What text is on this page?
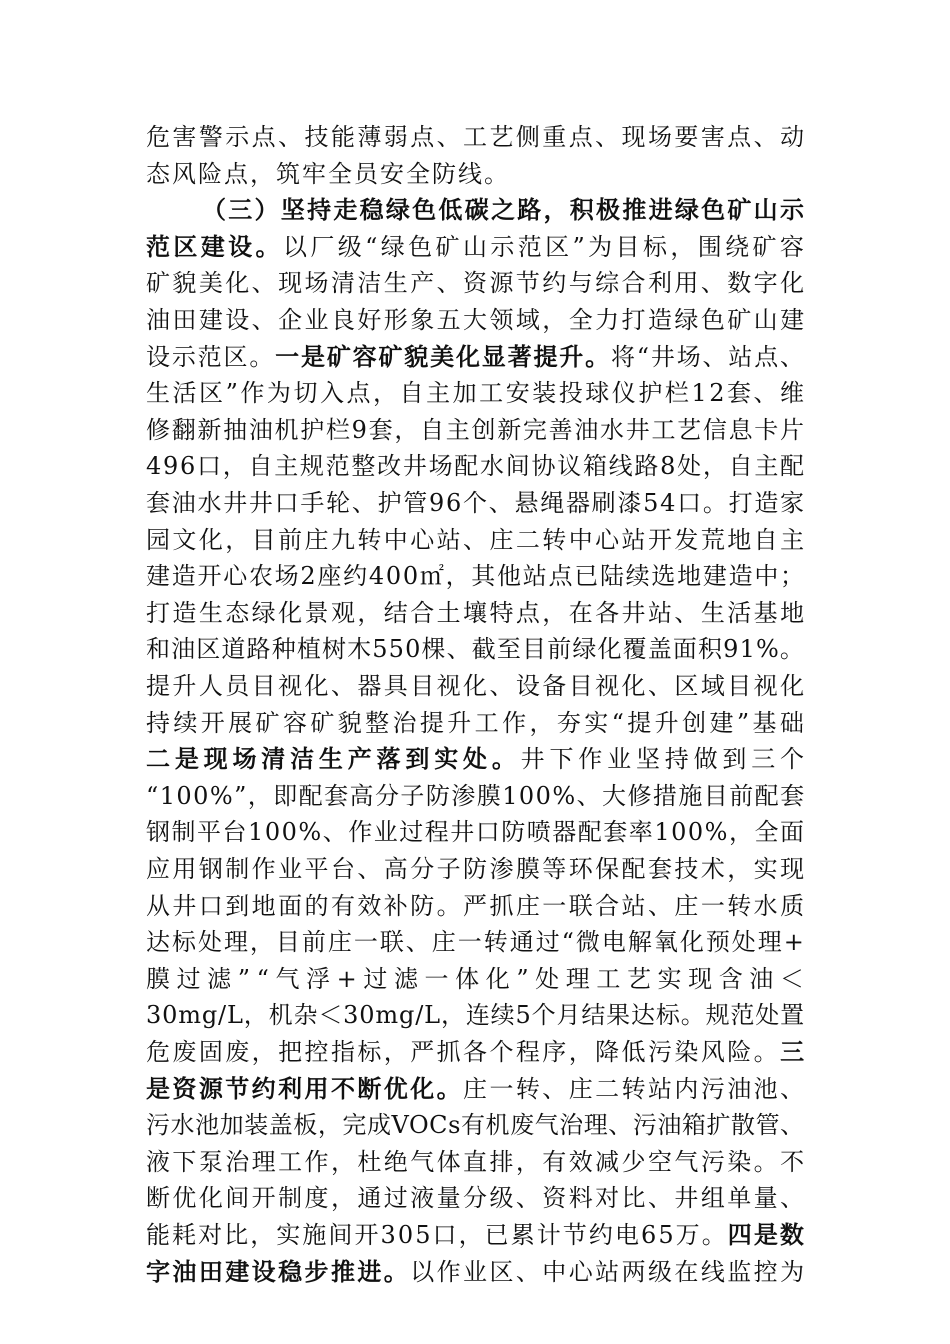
危害警示点、技能薄弱点、工艺侧重点、现场要害点、动
态风险点，筑牢全员安全防线。
（三）坚持走稳绿色低碳之路，积极推进绿色矿山示
范区建设。以厂级“绿色矿山示范区”为目标，围绕矿容
矿貌美化、现场清洁生产、资源节约与综合利用、数字化
油田建设、企业良好形象五大领域，全力打造绿色矿山建
设示范区。一是矿容矿貌美化显著提升。将“井场、站点、
生活区”作为切入点，自主加工安装投球仪护栏12套、维
修翻新抽油机护栏9套，自主创新完善油水井工艺信息卡片
496口，自主规范整改井场配水间协议箱线路8处，自主配
套油水井井口手轮、护管96个、悬绳器刷漆54口。打造家
园文化，目前庄九转中心站、庄二转中心站开发荒地自主
建造开心农场2座约400㎡，其他站点已陆续选地建造中；
打造生态绿化景观，结合土壤特点，在各井站、生活基地
和油区道路种植树木550棵、截至目前绿化覆盖面积91%。
提升人员目视化、器具目视化、设备目视化、区域目视化
持续开展矿容矿貌整治提升工作，夯实“提升创建”基础
二是现场清洁生产落到实处。井下作业坚持做到三个
“100%”，即配套高分子防渗膜100%、大修措施目前配套
钢制平台100%、作业过程井口防喷器配套率100%，全面
应用钢制作业平台、高分子防渗膜等环保配套技术，实现
从井口到地面的有效补防。严抓庄一联合站、庄一转水质
达标处理，目前庄一联、庄一转通过“微电解氧化预处理+
膜过滤”“气浮+过滤一体化”处理工艺实现含油＜
30mg/L，机杂＜30mg/L，连续5个月结果达标。规范处置
危废固废，把控指标，严抓各个程序，降低污染风险。三
是资源节约利用不断优化。庄一转、庄二转站内污油池、
污水池加装盖板，完成VOCs有机废气治理、污油箱扩散管、
液下泵治理工作，杜绝气体直排，有效减少空气污染。不
断优化间开制度，通过液量分级、资料对比、井组单量、
能耗对比，实施间开305口，已累计节约电65万。四是数
字油田建设稳步推进。以作业区、中心站两级在线监控为
